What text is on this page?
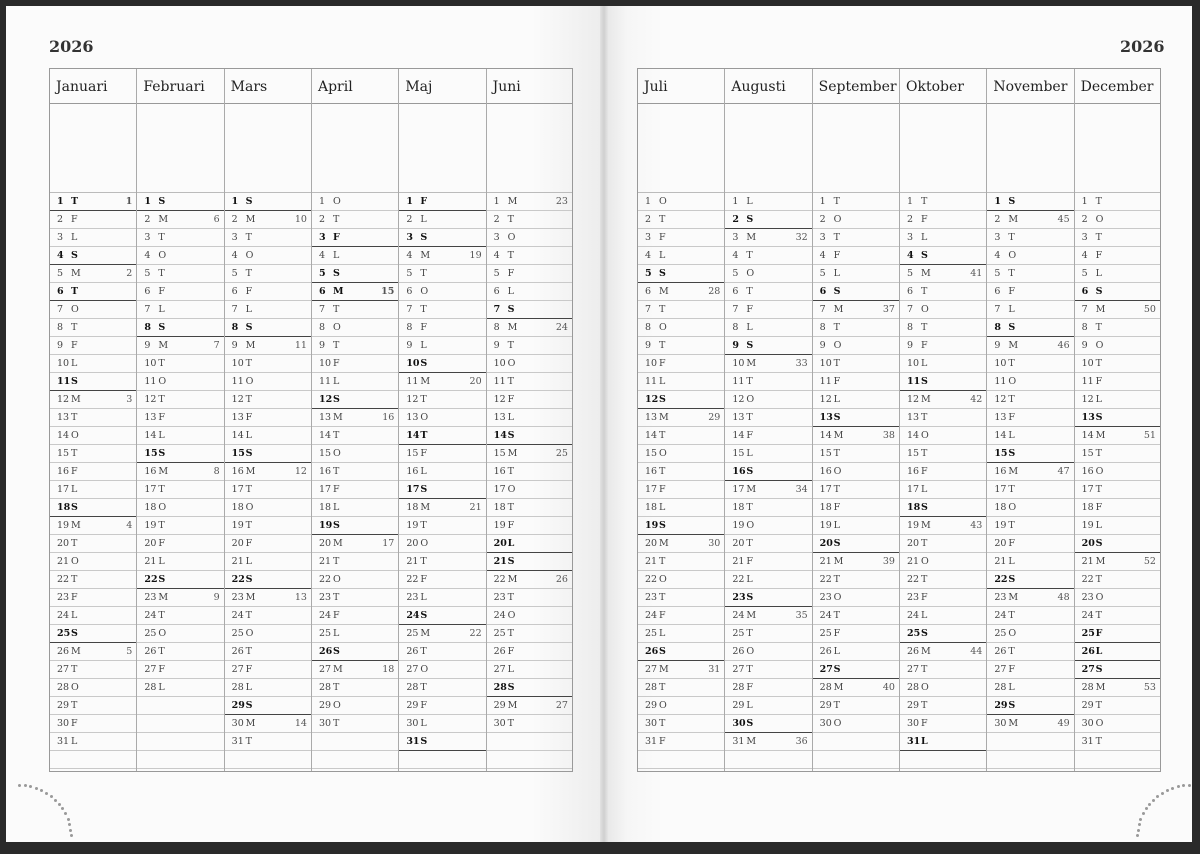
2026	2026
Januari
1 T	1
2 F
3 L
4 S
5 M	2
6 T
7 O
8 T
9 F
10 L
11 S
12 M	3
13 T
14 O
15 T
16 F
17 L
18 S
19 M	4
20 T
21 O
22 T
23 F
24 L
25 S
26 M	5
27 T
28 O
29 T
30 F
31 L
Februari
1 S
2 M	6
3 T
4 O
5 T
6 F
7 L
8 S
9 M	7
10 T
11 O
12 T
13 F
14 L
15 S
16 M	8
17 T
18 O
19 T
20 F
21 L
22 S
23 M	9
24 T
25 O
26 T
27 F
28 L
Mars
1 S
2 M	10
3 T
4 O
5 T
6 F
7 L
8 S
9 M	11
10 T
11 O
12 T
13 F
14 L
15 S
16 M	12
17 T
18 O
19 T
20 F
21 L
22 S
23 M	13
24 T
25 O
26 T
27 F
28 L
29 S
30 M	14
31 T
April
1 O
2 T
3 F
4 L
5 S
6 M	15
7 T
8 O
9 T
10 F
11 L
12 S
13 M	16
14 T
15 O
16 T
17 F
18 L
19 S
20 M	17
21 T
22 O
23 T
24 F
25 L
26 S
27 M	18
28 T
29 O
30 T
Maj
1 F
2 L
3 S
4 M	19
5 T
6 O
7 T
8 F
9 L
10 S
11 M	20
12 T
13 O
14 T
15 F
16 L
17 S
18 M	21
19 T
20 O
21 T
22 F
23 L
24 S
25 M	22
26 T
27 O
28 T
29 F
30 L
31 S
Juni
1 M	23
2 T
3 O
4 T
5 F
6 L
7 S
8 M	24
9 T
10 O
11 T
12 F
13 L
14 S
15 M	25
16 T
17 O
18 T
19 F
20 L
21 S
22 M	26
23 T
24 O
25 T
26 F
27 L
28 S
29 M	27
30 T
Juli
1 O
2 T
3 F
4 L
5 S
6 M	28
7 T
8 O
9 T
10 F
11 L
12 S
13 M	29
14 T
15 O
16 T
17 F
18 L
19 S
20 M	30
21 T
22 O
23 T
24 F
25 L
26 S
27 M	31
28 T
29 O
30 T
31 F
Augusti
1 L
2 S
3 M	32
4 T
5 O
6 T
7 F
8 L
9 S
10 M	33
11 T
12 O
13 T
14 F
15 L
16 S
17 M	34
18 T
19 O
20 T
21 F
22 L
23 S
24 M	35
25 T
26 O
27 T
28 F
29 L
30 S
31 M	36
September
1 T
2 O
3 T
4 F
5 L
6 S
7 M	37
8 T
9 O
10 T
11 F
12 L
13 S
14 M	38
15 T
16 O
17 T
18 F
19 L
20 S
21 M	39
22 T
23 O
24 T
25 F
26 L
27 S
28 M	40
29 T
30 O
Oktober
1 T
2 F
3 L
4 S
5 M	41
6 T
7 O
8 T
9 F
10 L
11 S
12 M	42
13 T
14 O
15 T
16 F
17 L
18 S
19 M	43
20 T
21 O
22 T
23 F
24 L
25 S
26 M	44
27 T
28 O
29 T
30 F
31 L
November
1 S
2 M	45
3 T
4 O
5 T
6 F
7 L
8 S
9 M	46
10 T
11 O
12 T
13 F
14 L
15 S
16 M	47
17 T
18 O
19 T
20 F
21 L
22 S
23 M	48
24 T
25 O
26 T
27 F
28 L
29 S
30 M	49
December
1 T
2 O
3 T
4 F
5 L
6 S
7 M	50
8 T
9 O
10 T
11 F
12 L
13 S
14 M	51
15 T
16 O
17 T
18 F
19 L
20 S
21 M	52
22 T
23 O
24 T
25 F
26 L
27 S
28 M	53
29 T
30 O
31 T
